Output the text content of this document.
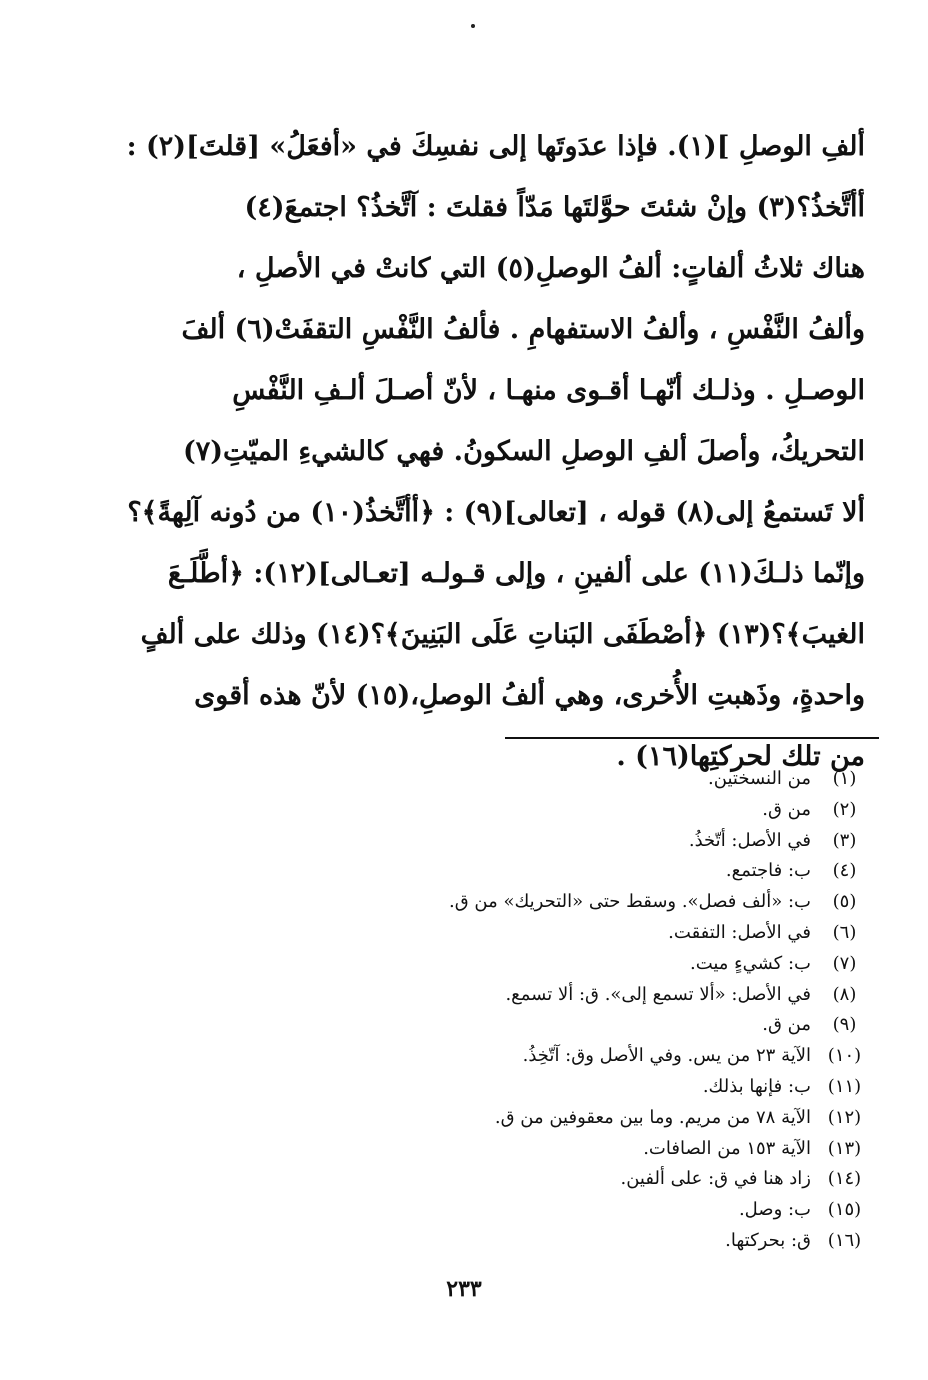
ألفِ الوصلِ ](١). فإذا عدَوتَها إلى نفسِكَ في «أفعَلُ» [قلتَ](٢) :
أأتَّخذُ؟(٣) وإنْ شئتَ حوَّلتَها مَدّاً فقلتَ : آتَّخذُ؟ اجتمعَ(٤)
هناك ثلاثُ ألفاتٍ: ألفُ الوصلِ(٥) التي كانتْ في الأصلِ ،
وألفُ النَّفْسِ ، وألفُ الاستفهامِ . فألفُ النَّفْسِ التقفَتْ(٦) ألفَ
الوصـلِ . وذلـك أنّهـا أقـوى منهـا ، لأنّ أصـلَ ألـفِ النَّفْسِ
التحريكُ، وأصلَ ألفِ الوصلِ السكونُ. فهي كالشيءِ الميّتِ(٧)
ألا تَستمعُ إلى(٨) قوله ، [تعالى](٩) : ﴿أأتَّخذُ(١٠) من دُونه آلِهةً﴾؟
وإنّما ذلـكَ(١١) على ألفينِ ، وإلى قـولـه [تعـالى](١٢): ﴿أطَّلَـعَ
الغيبَ﴾؟(١٣) ﴿أصْطَفَى البَناتِ عَلَى البَنِينَ﴾؟(١٤) وذلك على ألفٍ
واحدةٍ، وذَهبتِ الأُخرى، وهي ألفُ الوصلِ،(١٥) لأنّ هذه أقوى
من تلك لحركتِها(١٦) .
(١)
من النسختين.
(٢)
من ق.
(٣)
في الأصل: أتّخذُ.
(٤)
ب: فاجتمع.
(٥)
ب: «ألف فصل». وسقط حتى «التحريك» من ق.
(٦)
في الأصل: التفقت.
(٧)
ب: كشيءٍ ميت.
(٨)
في الأصل: «ألا تسمع إلى». ق: ألا تسمع.
(٩)
من ق.
(١٠)
الآية ٢٣ من يس. وفي الأصل وق: آتّخِذُ.
(١١)
ب: فإنها بذلك.
(١٢)
الآية ٧٨ من مريم. وما بين معقوفين من ق.
(١٣)
الآية ١٥٣ من الصافات.
(١٤)
زاد هنا في ق: على ألفين.
(١٥)
ب: وصل.
(١٦)
ق: بحركتها.
٢٣٣
